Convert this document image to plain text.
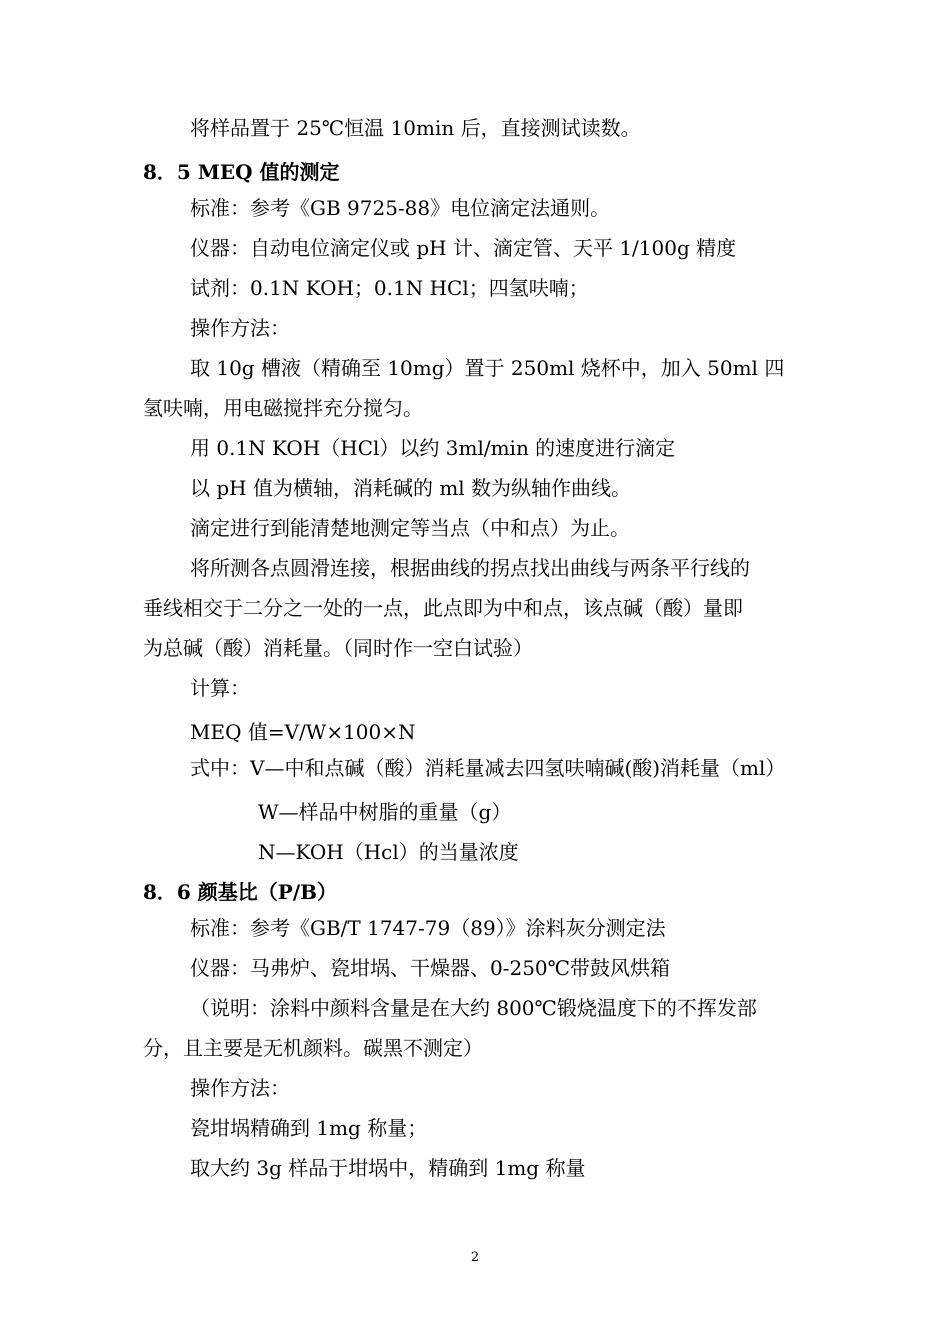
将样品置于 25℃恒温 10min 后，直接测试读数。
8．5 MEQ 值的测定
标准：参考《GB 9725-88》电位滴定法通则。
仪器：自动电位滴定仪或 pH 计、滴定管、天平 1/100g 精度
试剂：0.1N KOH；0.1N HCl；四氢呋喃；
操作方法：
取 10g 槽液（精确至 10mg）置于 250ml 烧杯中，加入 50ml 四
氢呋喃，用电磁搅拌充分搅匀。
用 0.1N KOH（HCl）以约 3ml/min 的速度进行滴定
以 pH 值为横轴，消耗碱的 ml 数为纵轴作曲线。
滴定进行到能清楚地测定等当点（中和点）为止。
将所测各点圆滑连接，根据曲线的拐点找出曲线与两条平行线的
垂线相交于二分之一处的一点，此点即为中和点，该点碱（酸）量即
为总碱（酸）消耗量。（同时作一空白试验）
计算：
MEQ 值=V/W×100×N
式中：V—中和点碱（酸）消耗量减去四氢呋喃碱(酸)消耗量（ml）
W—样品中树脂的重量（g）
N—KOH（Hcl）的当量浓度
8．6 颜基比（P/B）
标准：参考《GB/T 1747-79（89）》涂料灰分测定法
仪器：马弗炉、瓷坩埚、干燥器、0-250℃带鼓风烘箱
（说明：涂料中颜料含量是在大约 800℃锻烧温度下的不挥发部
分，且主要是无机颜料。碳黑不测定）
操作方法：
瓷坩埚精确到 1mg 称量；
取大约 3g 样品于坩埚中，精确到 1mg 称量
2
